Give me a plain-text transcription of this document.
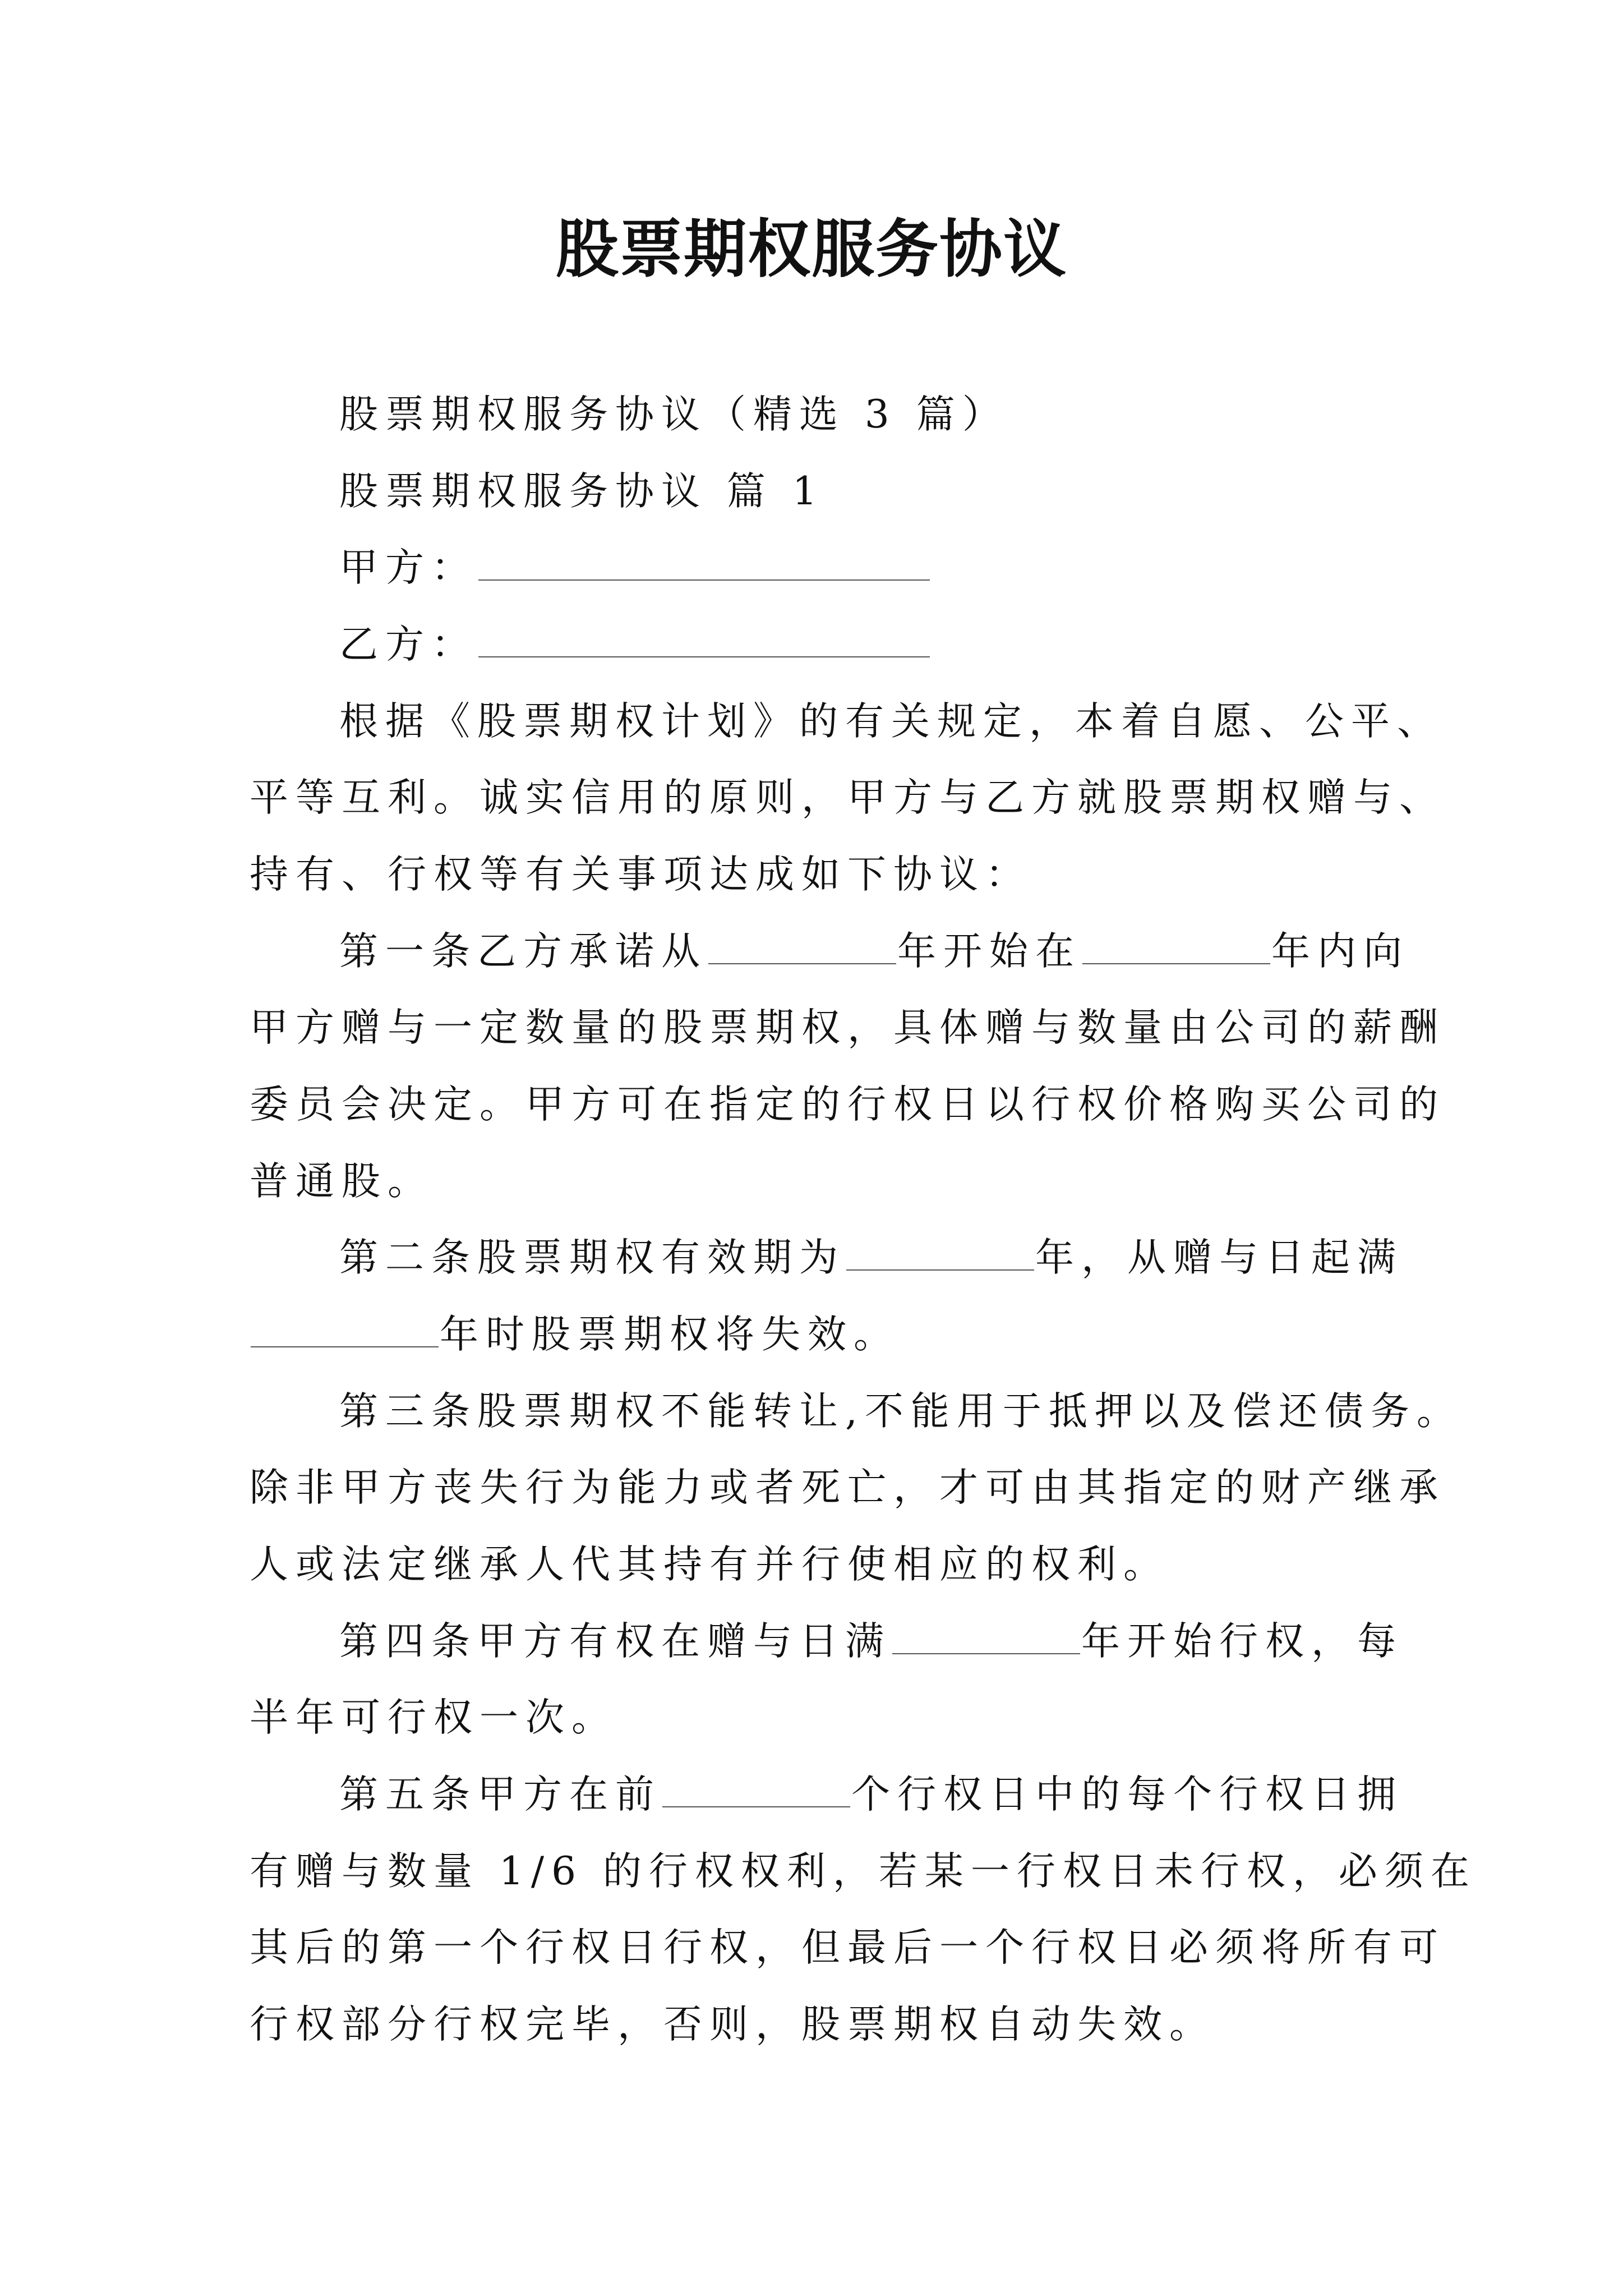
股票期权服务协议
股票期权服务协议（精选 3 篇）
股票期权服务协议 篇 1
甲方：
乙方：
根据《股票期权计划》的有关规定，本着自愿、公平、
平等互利。诚实信用的原则，甲方与乙方就股票期权赠与、
持有、行权等有关事项达成如下协议：
第一条乙方承诺从	年开始在	年内向
甲方赠与一定数量的股票期权，具体赠与数量由公司的薪酬
委员会决定。甲方可在指定的行权日以行权价格购买公司的
普通股。
第二条股票期权有效期为	年，从赠与日起满
年时股票期权将失效。
第三条股票期权不能转让,不能用于抵押以及偿还债务。
除非甲方丧失行为能力或者死亡，才可由其指定的财产继承
人或法定继承人代其持有并行使相应的权利。
第四条甲方有权在赠与日满	年开始行权，每
半年可行权一次。
第五条甲方在前	个行权日中的每个行权日拥
有赠与数量 1/6 的行权权利，若某一行权日未行权，必须在
其后的第一个行权日行权，但最后一个行权日必须将所有可
行权部分行权完毕，否则，股票期权自动失效。
